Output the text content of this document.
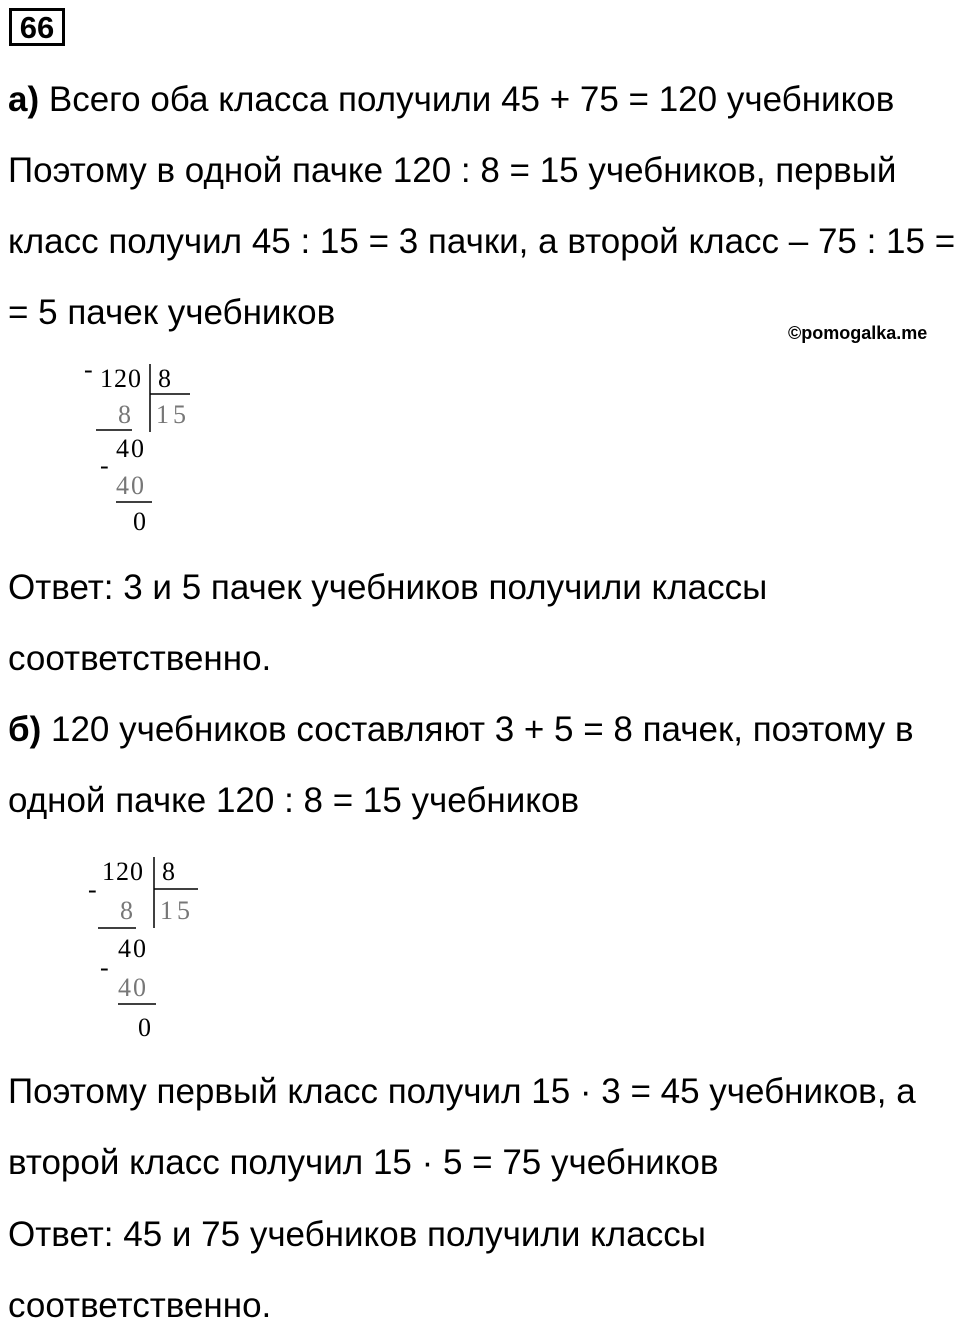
66
а) Всего оба класса получили 45 + 75 = 120 учебников
Поэтому в одной пачке 120 : 8 = 15 учебников, первый
класс получил 45 : 15 = 3 пачки, а второй класс – 75 : 15 =
= 5 пачек учебников
©pomogalka.me
- 120 8
15
8
40
-
40
0
Ответ: 3 и 5 пачек учебников получили классы
соответственно.
б) 120 учебников составляют 3 + 5 = 8 пачек, поэтому в
одной пачке 120 : 8 = 15 учебников
-
120 8
15
8
40
-
40
0
Поэтому первый класс получил 15 · 3 = 45 учебников, а
второй класс получил 15 · 5 = 75 учебников
Ответ: 45 и 75 учебников получили классы
соответственно.
